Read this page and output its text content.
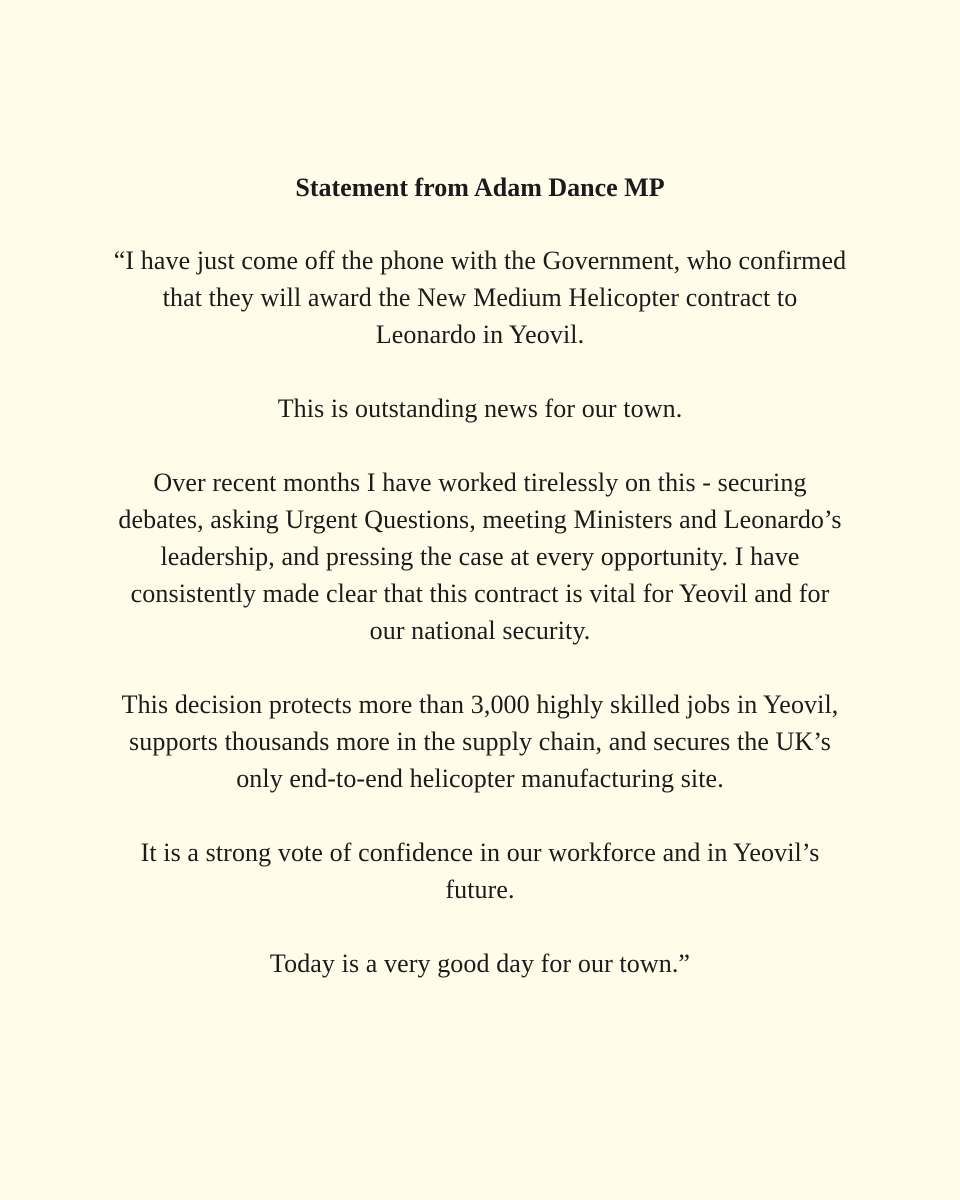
Statement from Adam Dance MP

“I have just come off the phone with the Government, who confirmed that they will award the New Medium Helicopter contract to Leonardo in Yeovil.

This is outstanding news for our town.

Over recent months I have worked tirelessly on this - securing debates, asking Urgent Questions, meeting Ministers and Leonardo’s leadership, and pressing the case at every opportunity. I have consistently made clear that this contract is vital for Yeovil and for our national security.

This decision protects more than 3,000 highly skilled jobs in Yeovil, supports thousands more in the supply chain, and secures the UK’s only end-to-end helicopter manufacturing site.

It is a strong vote of confidence in our workforce and in Yeovil’s future.

Today is a very good day for our town.”
